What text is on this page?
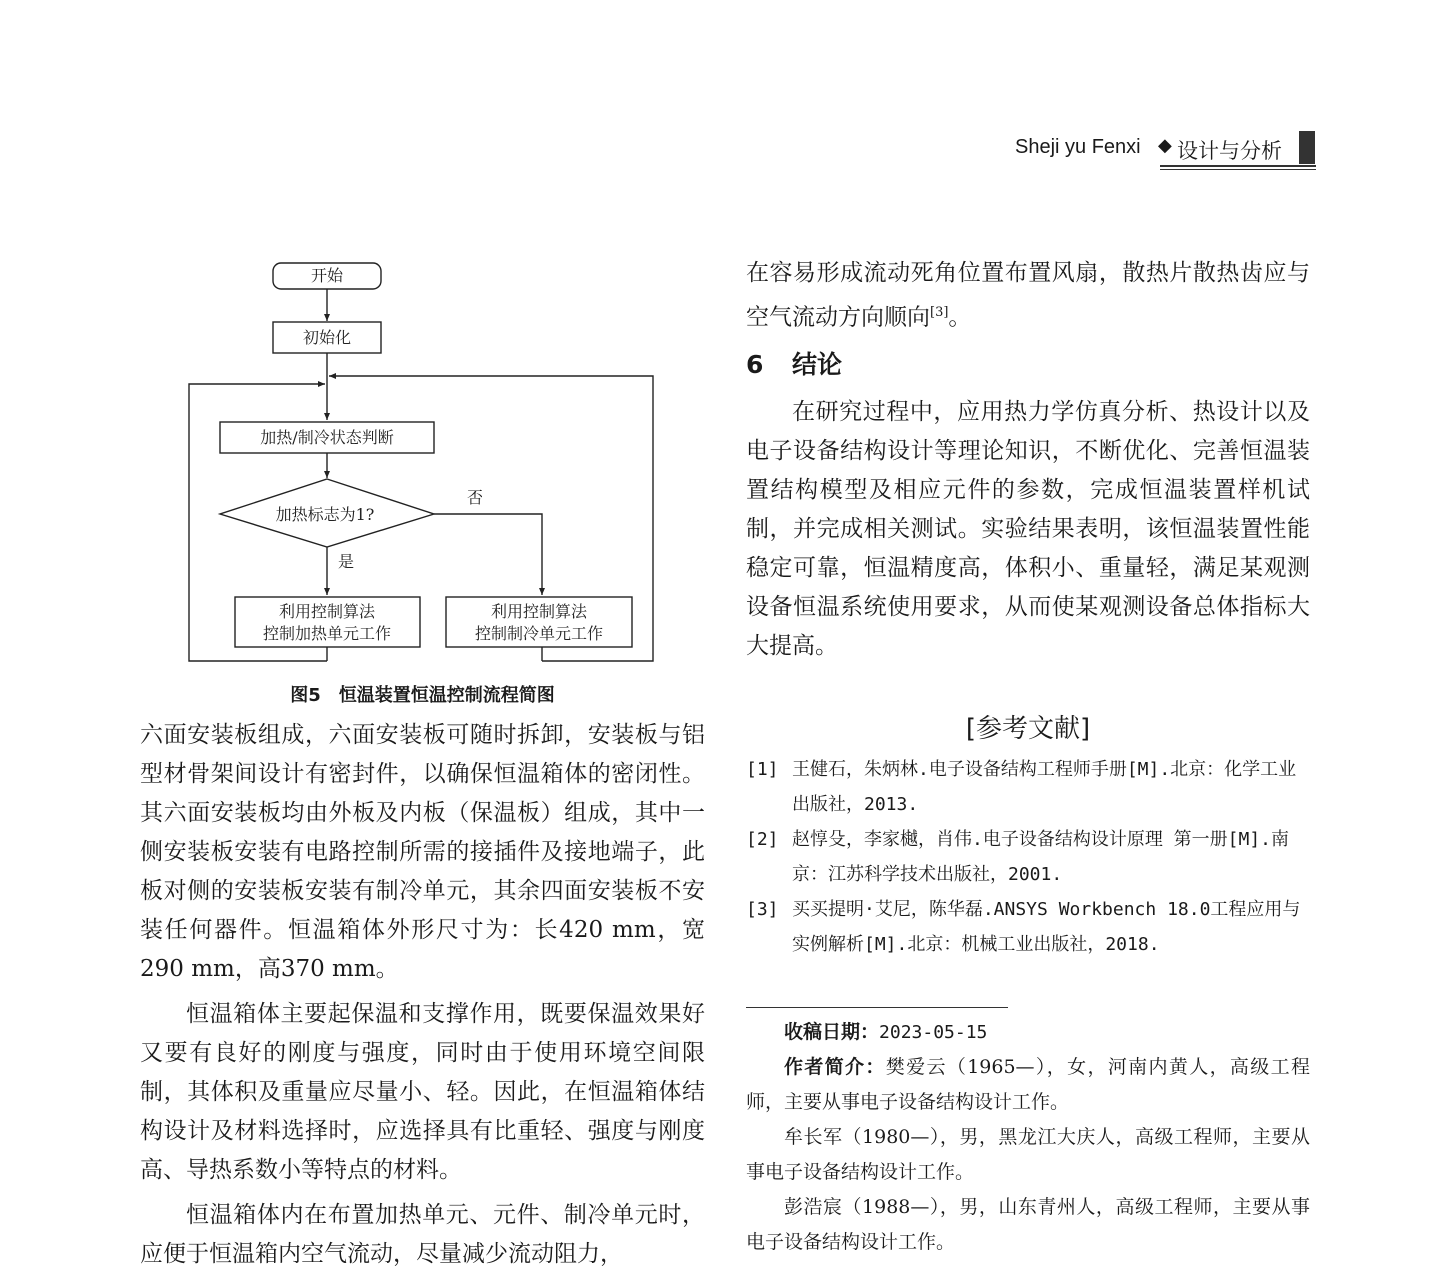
Sheji yu Fenxi ◆ 设计与分析
开始
初始化
加热/制冷状态判断
加热标志为1?
是
否
利用控制算法
控制加热单元工作
利用控制算法
控制制冷单元工作
图5　恒温装置恒温控制流程简图

六面安装板组成，六面安装板可随时拆卸，安装板与铝型材骨架间设计有密封件，以确保恒温箱体的密闭性。其六面安装板均由外板及内板（保温板）组成，其中一侧安装板安装有电路控制所需的接插件及接地端子，此板对侧的安装板安装有制冷单元，其余四面安装板不安装任何器件。恒温箱体外形尺寸为：长420 mm，宽290 mm，高370 mm。

恒温箱体主要起保温和支撑作用，既要保温效果好又要有良好的刚度与强度，同时由于使用环境空间限制，其体积及重量应尽量小、轻。因此，在恒温箱体结构设计及材料选择时，应选择具有比重轻、强度与刚度高、导热系数小等特点的材料。

恒温箱体内在布置加热单元、元件、制冷单元时，应便于恒温箱内空气流动，尽量减少流动阻力，

在容易形成流动死角位置布置风扇，散热片散热齿应与空气流动方向顺向[3]。

6 结论

在研究过程中，应用热力学仿真分析、热设计以及电子设备结构设计等理论知识，不断优化、完善恒温装置结构模型及相应元件的参数，完成恒温装置样机试制，并完成相关测试。实验结果表明，该恒温装置性能稳定可靠，恒温精度高，体积小、重量轻，满足某观测设备恒温系统使用要求，从而使某观测设备总体指标大大提高。

[参考文献]

[1] 王健石，朱炳林.电子设备结构工程师手册[M].北京：化学工业出版社，2013.

[2] 赵惇殳，李家樾，肖伟.电子设备结构设计原理 第一册[M].南京：江苏科学技术出版社，2001.

[3] 买买提明·艾尼，陈华磊.ANSYS Workbench 18.0工程应用与实例解析[M].北京：机械工业出版社，2018.

收稿日期：2023-05-15

作者简介：樊爱云（1965—），女，河南内黄人，高级工程师，主要从事电子设备结构设计工作。

牟长军（1980—），男，黑龙江大庆人，高级工程师，主要从事电子设备结构设计工作。

彭浩宸（1988—），男，山东青州人，高级工程师，主要从事电子设备结构设计工作。
